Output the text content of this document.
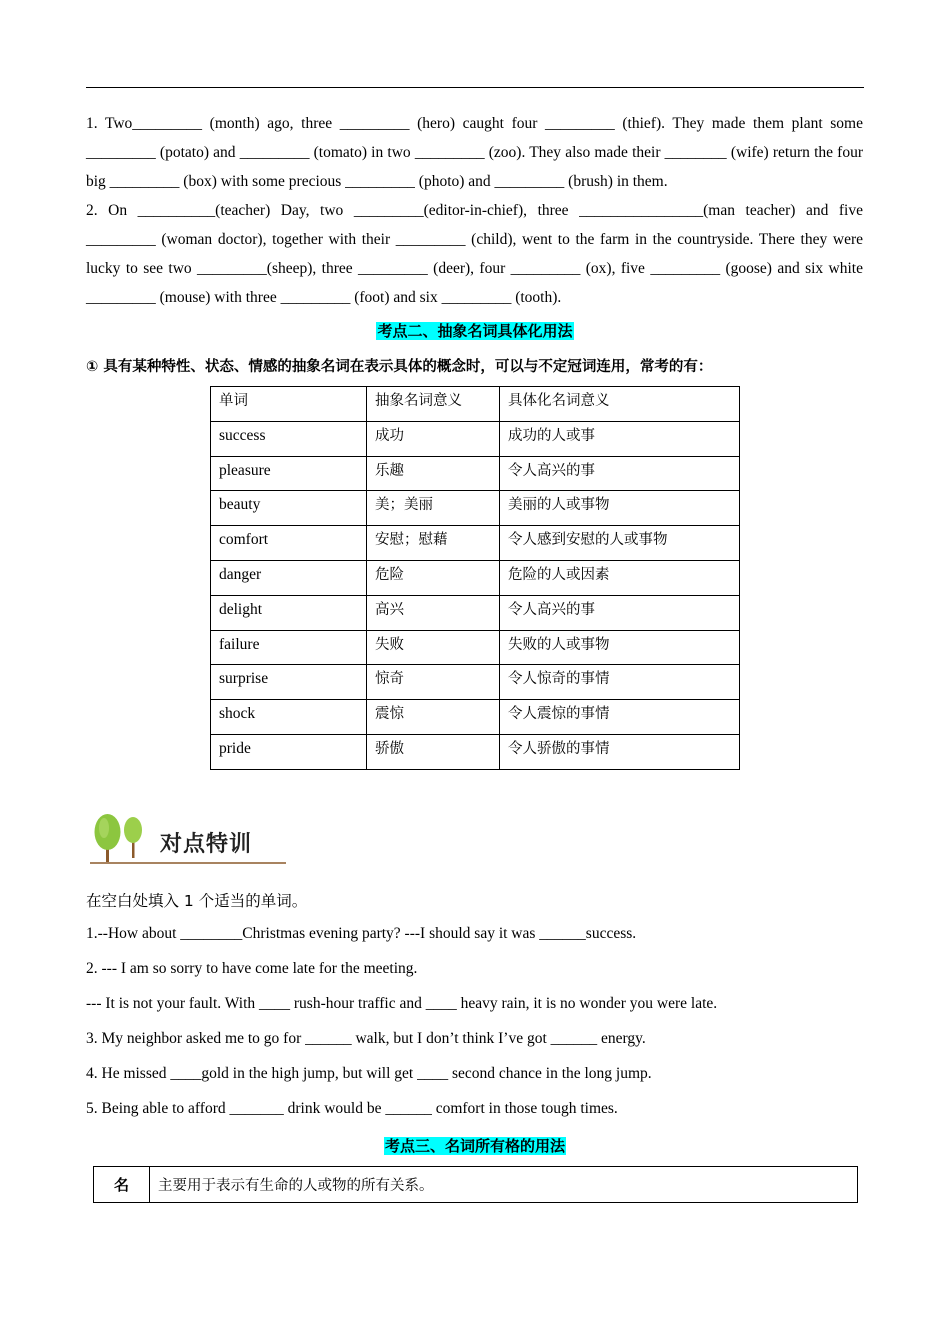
1. Two_________ (month) ago, three _________ (hero) caught four _________ (thief). They made them plant some _________ (potato) and _________ (tomato) in two _________ (zoo). They also made their ________ (wife) return the four big _________ (box) with some precious _________ (photo) and _________ (brush) in them.
2. On __________(teacher) Day, two _________(editor-in-chief), three ________________(man teacher) and five _________ (woman doctor), together with their _________ (child), went to the farm in the countryside. There they were lucky to see two _________(sheep), three _________ (deer), four _________ (ox), five _________ (goose) and six white _________ (mouse) with three _________ (foot) and six _________ (tooth).
考点二、抽象名词具体化用法
① 具有某种特性、状态、情感的抽象名词在表示具体的概念时，可以与不定冠词连用，常考的有：
单词	抽象名词意义	具体化名词意义
success	成功	成功的人或事
pleasure	乐趣	令人高兴的事
beauty	美；美丽	美丽的人或事物
comfort	安慰；慰藉	令人感到安慰的人或事物
danger	危险	危险的人或因素
delight	高兴	令人高兴的事
failure	失败	失败的人或事物
surprise	惊奇	令人惊奇的事情
shock	震惊	令人震惊的事情
pride	骄傲	令人骄傲的事情
对点特训
在空白处填入 1 个适当的单词。
1.--How about ________Christmas evening party? ---I should say it was ______success.
2. --- I am so sorry to have come late for the meeting.
--- It is not your fault. With ____ rush-hour traffic and ____ heavy rain, it is no wonder you were late.
3. My neighbor asked me to go for ______ walk, but I don’t think I’ve got ______ energy.
4. He missed ____gold in the high jump, but will get ____ second chance in the long jump.
5. Being able to afford _______ drink would be ______ comfort in those tough times.
考点三、名词所有格的用法
名	主要用于表示有生命的人或物的所有关系。
